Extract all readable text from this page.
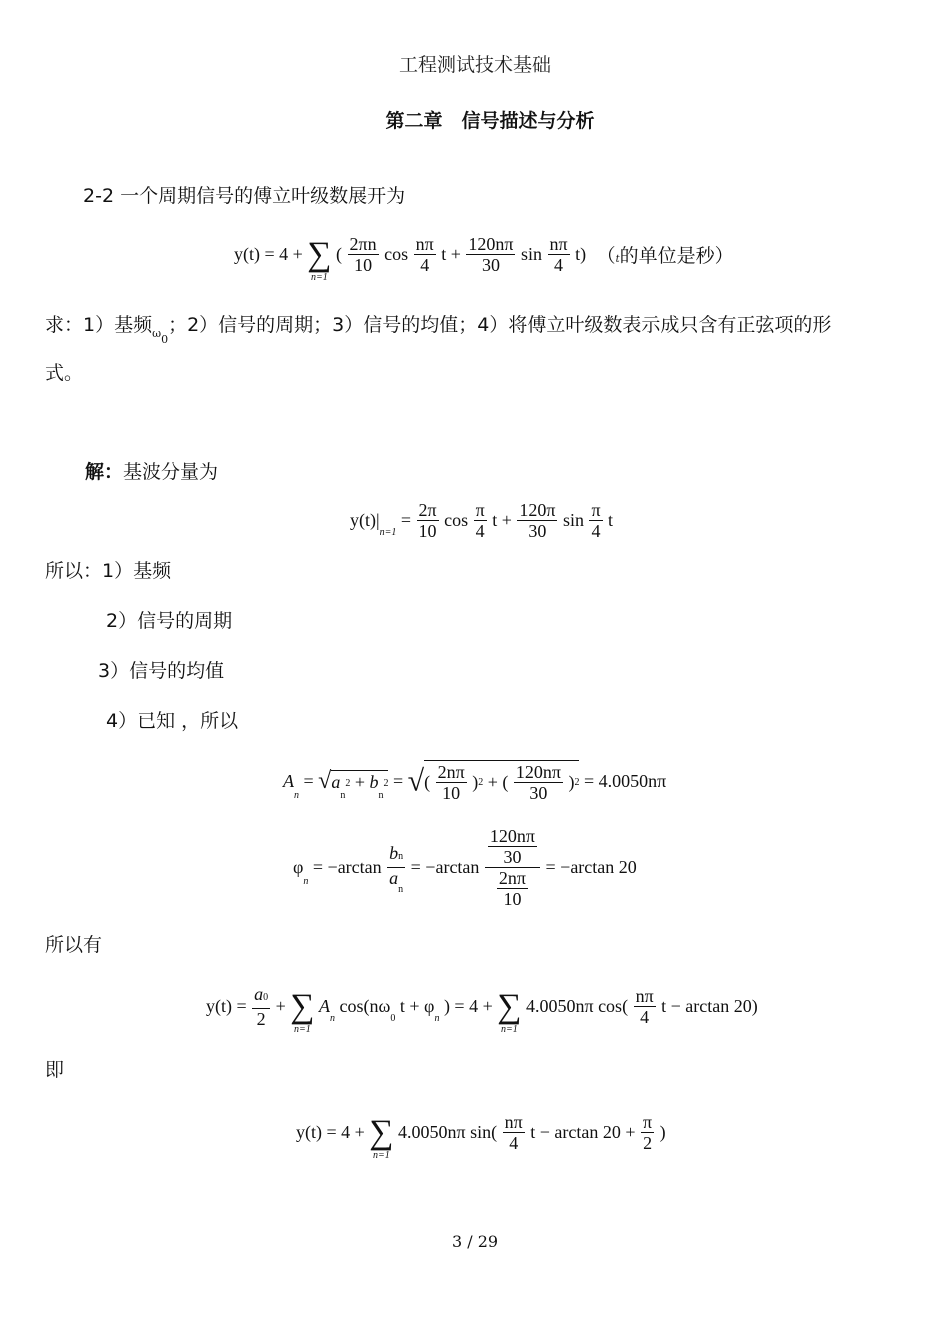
工程测试技术基础
第二章　信号描述与分析
2-2 一个周期信号的傅立叶级数展开为
y(t) = 4 + ∑
n=1
( $\frac{2\pi n}{10}$ $\cos \frac{n\pi}{4}$ $t + \frac{120n\pi}{30}$ $\sin \frac{n\pi}{4} t$) （t的单位是秒）
求：1）基频$_{\omega 0}$；2）信号的周期；3）信号的均值；4）将傅立叶级数表示成只含有正弦项的形
式。
解：基波分量为
$y(t)|_{n=1} = \frac{2\pi}{10}$ $\cos \frac{\pi}{4}$ $t + \frac{120\pi}{30}$ $\sin \frac{\pi}{4}$ t
所以：1）基频
2）信号的周期
3）信号的均值
4）已知 ，所以
$A_n = √a_n2 + b_n2$ = √( $\frac{2n\pi}{10} )2$ + ( $\frac{120n\pi}{30} )2 = 4.0050n\pi$
$\varphi_n = -\arctan \frac{bn}{a_n} = -\arctan \frac{\frac{120n\pi}{30}}{\frac{2n\pi}{10}} = -\arctan$ 20
所以有
$y(t) = \frac{a0}{2}$ + ∑
n=1
$A_n$ $\cos(n\omega_0$ $t + \varphi_n$ ) = 4 + ∑
n=1
4.0050nπ $\cos( \frac{n\pi}{4}$ t − arctan 20)
即
y(t) = 4 + ∑
n=1
4.0050nπ $\sin( \frac{n\pi}{4}$ $t - \arctan 20 + \frac{\pi}{2}$ )
3 / 29
